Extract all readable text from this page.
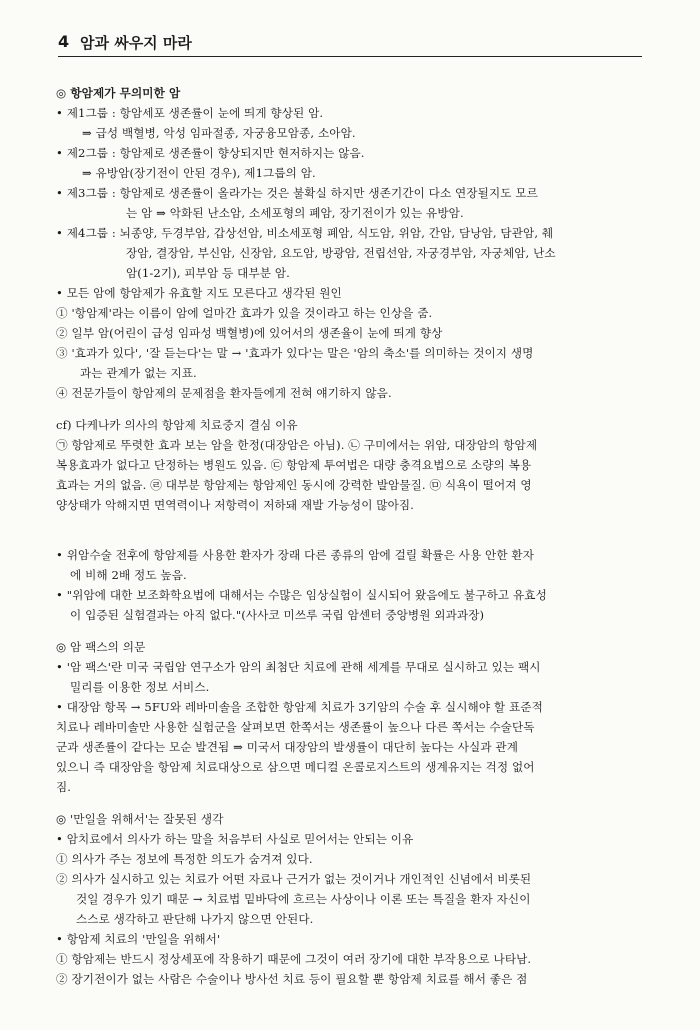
4 암과 싸우지 마라
◎ 항암제가 무의미한 암
• 제1그룹 : 항암세포 생존률이 눈에 띄게 향상된 암.
⇒ 급성 백혈병, 악성 임파절종, 자궁융모암종, 소아암.
• 제2그룹 : 항암제로 생존률이 향상되지만 현저하지는 않음.
⇒ 유방암(장기전이 안된 경우), 제1그룹의 암.
• 제3그룹 : 항암제로 생존률이 올라가는 것은 불확실 하지만 생존기간이 다소 연장될지도 모르
는 암 ⇒ 악화된 난소암, 소세포형의 폐암, 장기전이가 있는 유방암.
• 제4그룹 : 뇌종양, 두경부암, 갑상선암, 비소세포형 폐암, 식도암, 위암, 간암, 담낭암, 담관암, 췌
장암, 결장암, 부신암, 신장암, 요도암, 방광암, 전립선암, 자궁경부암, 자궁체암, 난소
암(1-2기), 피부암 등 대부분 암.
• 모든 암에 항암제가 유효할 지도 모른다고 생각된 원인
① '항암제'라는 이름이 암에 얼마간 효과가 있을 것이라고 하는 인상을 줌.
② 일부 암(어린이 급성 임파성 백혈병)에 있어서의 생존율이 눈에 띄게 향상
③ '효과가 있다', '잘 듣는다'는 말 → '효과가 있다'는 말은 '암의 축소'를 의미하는 것이지 생명
과는 관계가 없는 지표.
④ 전문가들이 항암제의 문제점을 환자들에게 전혀 얘기하지 않음.
cf) 다케나카 의사의 항암제 치료중지 결심 이유
㉠ 항암제로 뚜렷한 효과 보는 암을 한정(대장암은 아님). ㉡ 구미에서는 위암, 대장암의 항암제
복용효과가 없다고 단정하는 병원도 있음. ㉢ 항암제 투여법은 대량 충격요법으로 소량의 복용
효과는 거의 없음. ㉣ 대부분 항암제는 항암제인 동시에 강력한 발암물질. ㉤ 식욕이 떨어져 영
양상태가 악해지면 면역력이나 저항력이 저하돼 재발 가능성이 많아짐.
• 위암수술 전후에 항암제를 사용한 환자가 장래 다른 종류의 암에 걸릴 확률은 사용 안한 환자
에 비해 2배 정도 높음.
• "위암에 대한 보조화학요법에 대해서는 수많은 임상실험이 실시되어 왔음에도 불구하고 유효성
이 입증된 실험결과는 아직 없다."(사사코 미쓰루 국립 암센터 중앙병원 외과과장)
◎ 암 팩스의 의문
• '암 팩스'란 미국 국립암 연구소가 암의 최첨단 치료에 관해 세계를 무대로 실시하고 있는 팩시
밀리를 이용한 정보 서비스.
• 대장암 항목 → 5FU와 레바미솔을 조합한 항암제 치료가 3기암의 수술 후 실시해야 할 표준적
치료나 레바미솔만 사용한 실험군을 살펴보면 한쪽서는 생존률이 높으나 다른 쪽서는 수술단독
군과 생존률이 같다는 모순 발견됨 ⇒ 미국서 대장암의 발생률이 대단히 높다는 사실과 관계
있으니 즉 대장암을 항암제 치료대상으로 삼으면 메디컬 온콜로지스트의 생계유지는 걱정 없어
짐.
◎ '만일을 위해서'는 잘못된 생각
• 암치료에서 의사가 하는 말을 처음부터 사실로 믿어서는 안되는 이유
① 의사가 주는 정보에 특정한 의도가 숨겨져 있다.
② 의사가 실시하고 있는 치료가 어떤 자료나 근거가 없는 것이거나 개인적인 신념에서 비롯된
것일 경우가 있기 때문 → 치료법 밑바닥에 흐르는 사상이나 이론 또는 특질을 환자 자신이
스스로 생각하고 판단해 나가지 않으면 안된다.
• 항암제 치료의 '만일을 위해서'
① 항암제는 반드시 정상세포에 작용하기 때문에 그것이 여러 장기에 대한 부작용으로 나타남.
② 장기전이가 없는 사람은 수술이나 방사선 치료 등이 필요할 뿐 항암제 치료를 해서 좋은 점
